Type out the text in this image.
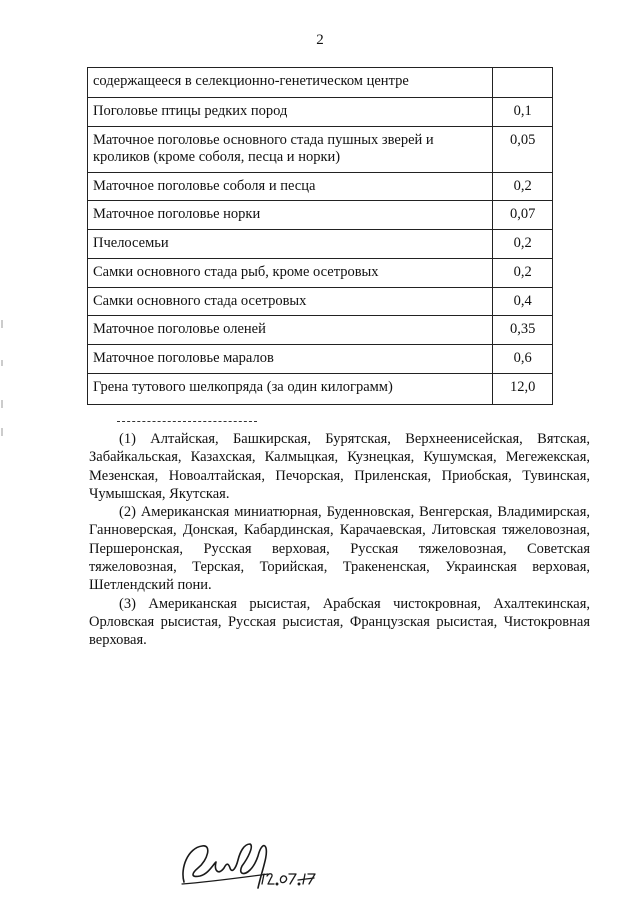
2
содержащееся в селекционно-генетическом центре	
Поголовье птицы редких пород	0,1
Маточное поголовье основного стада пушных зверей и кроликов (кроме соболя, песца и норки)	0,05
Маточное поголовье соболя и песца	0,2
Маточное поголовье норки	0,07
Пчелосемьи	0,2
Самки основного стада рыб, кроме осетровых	0,2
Самки основного стада осетровых	0,4
Маточное поголовье оленей	0,35
Маточное поголовье маралов	0,6
Грена тутового шелкопряда (за один килограмм)	12,0

(1) Алтайская, Башкирская, Бурятская, Верхнеенисейская, Вятская, Забайкальская, Казахская, Калмыцкая, Кузнецкая, Кушумская, Мегежекская, Мезенская, Новоалтайская, Печорская, Приленская, Приобская, Тувинская, Чумышская, Якутская.

(2) Американская миниатюрная, Буденновская, Венгерская, Владимирская, Ганноверская, Донская, Кабардинская, Карачаевская, Литовская тяжеловозная, Першеронская, Русская верховая, Русская тяжеловозная, Советская тяжеловозная, Терская, Торийская, Тракененская, Украинская верховая, Шетлендский пони.

(3) Американская рысистая, Арабская чистокровная, Ахалтекинская, Орловская рысистая, Русская рысистая, Французская рысистая, Чистокровная верховая.
